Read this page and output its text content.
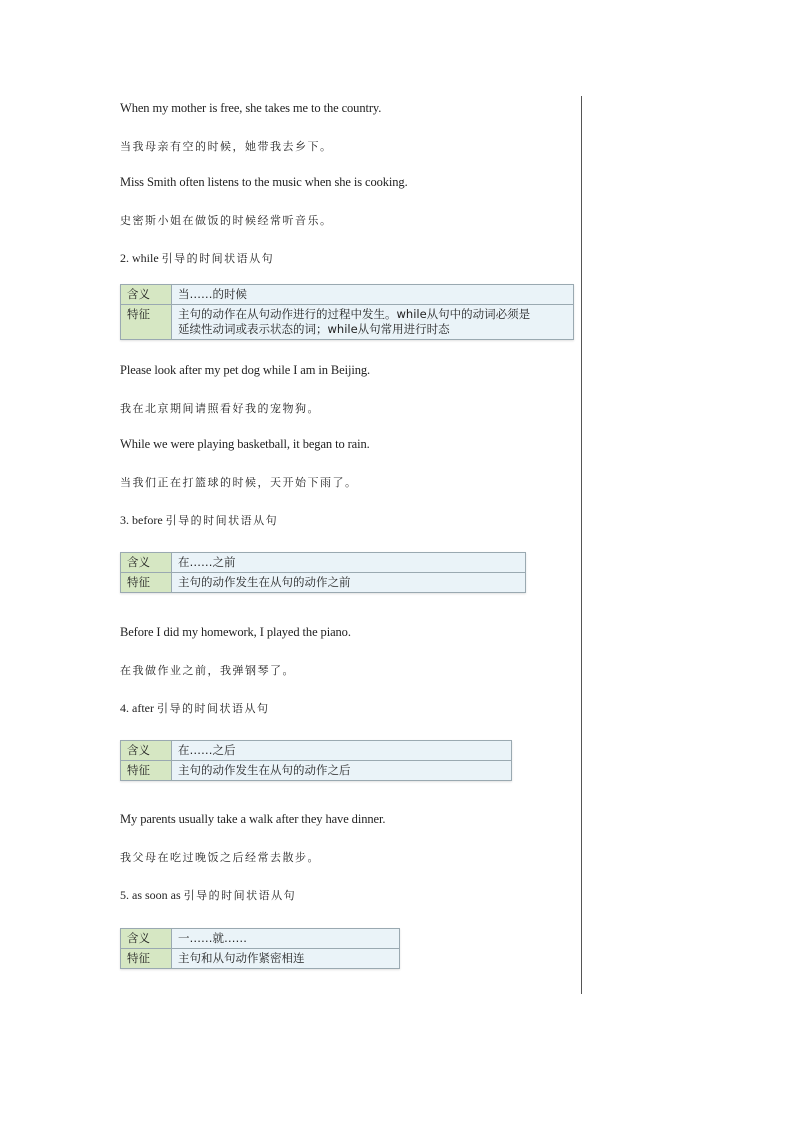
When my mother is free, she takes me to the country.

当我母亲有空的时候，她带我去乡下。

Miss Smith often listens to the music when she is cooking.

史密斯小姐在做饭的时候经常听音乐。

2. while 引导的时间状语从句

含义	当……的时候
特征	主句的动作在从句动作进行的过程中发生。while从句中的动词必须是
延续性动词或表示状态的词；while从句常用进行时态

Please look after my pet dog while I am in Beijing.

我在北京期间请照看好我的宠物狗。

While we were playing basketball, it began to rain.

当我们正在打篮球的时候，天开始下雨了。

3. before 引导的时间状语从句

含义	在……之前
特征	主句的动作发生在从句的动作之前

Before I did my homework, I played the piano.

在我做作业之前，我弹钢琴了。

4. after 引导的时间状语从句

含义	在……之后
特征	主句的动作发生在从句的动作之后

My parents usually take a walk after they have dinner.

我父母在吃过晚饭之后经常去散步。

5. as soon as 引导的时间状语从句

含义	一……就……
特征	主句和从句动作紧密相连
